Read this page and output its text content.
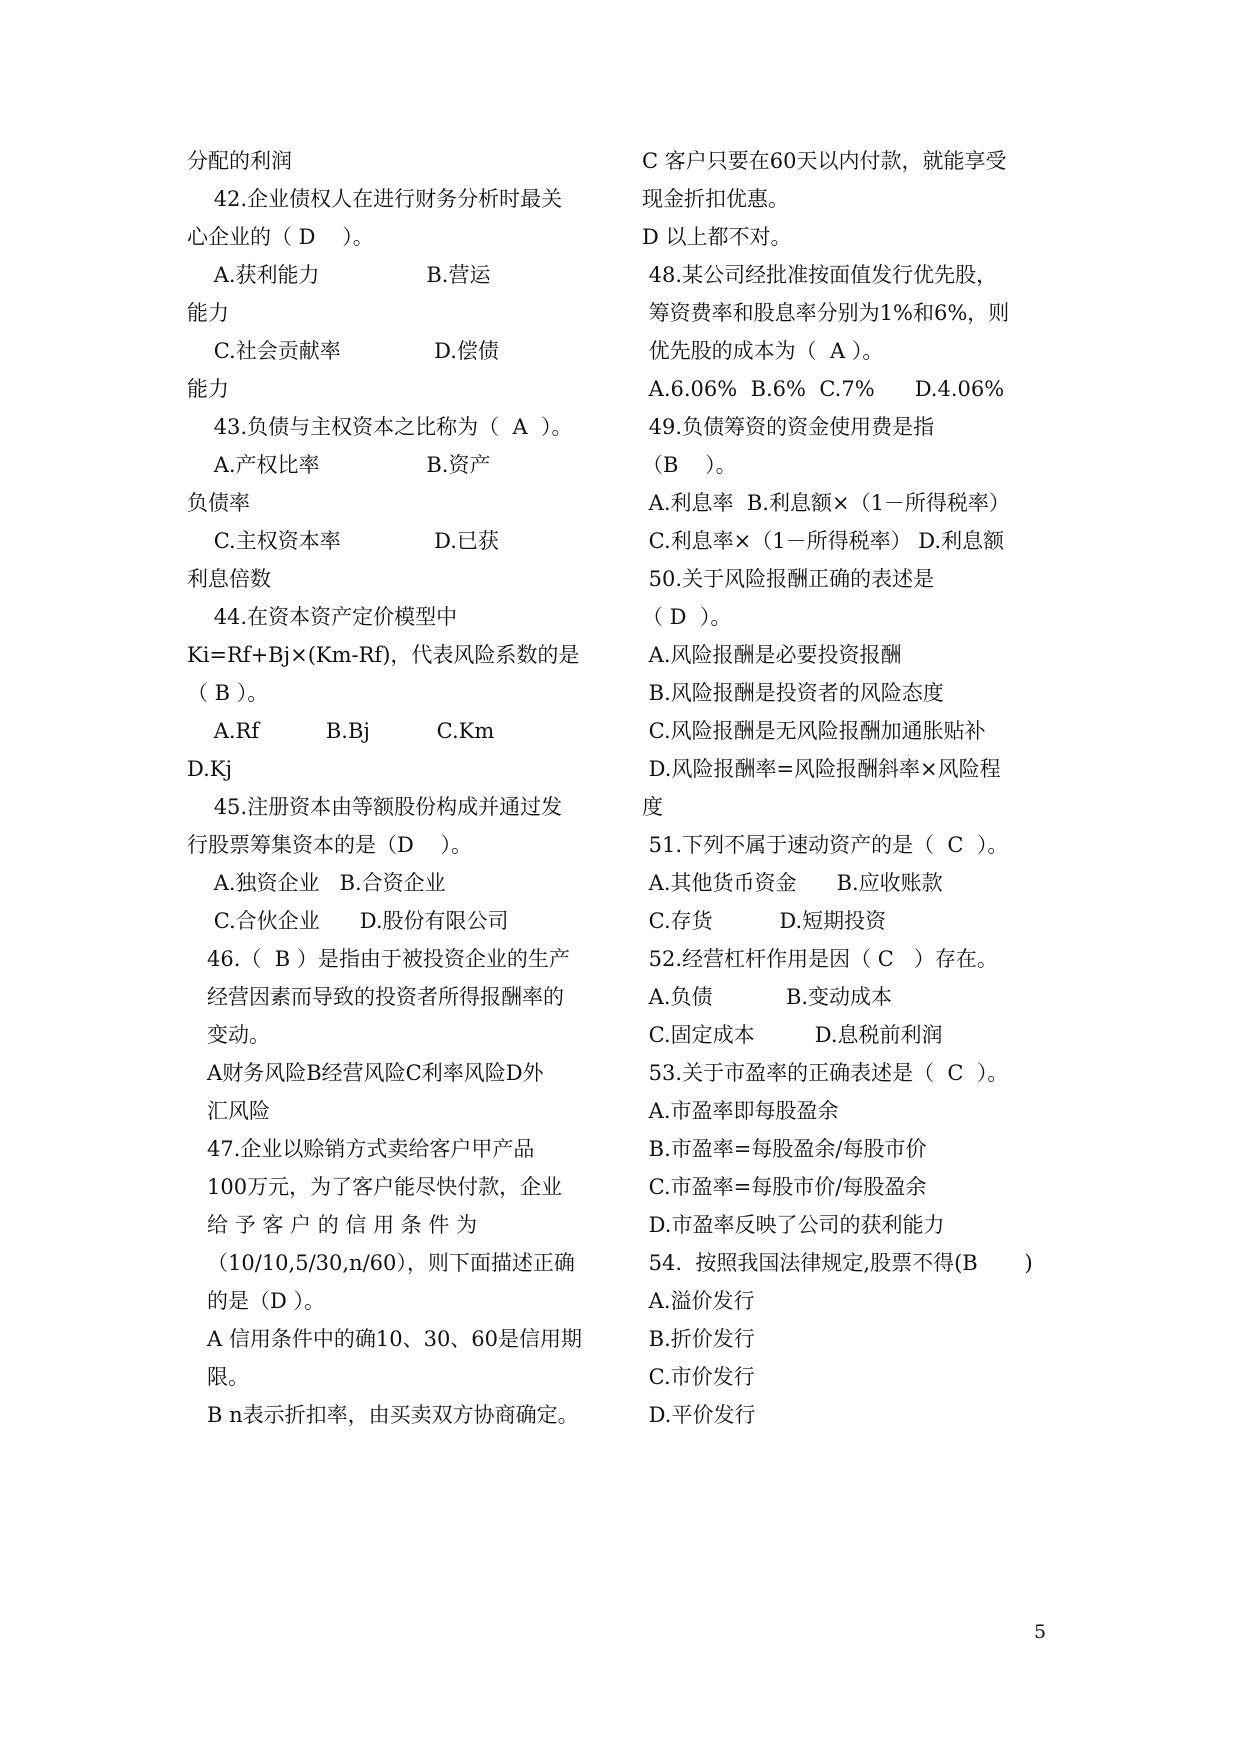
分配的利润
42.企业债权人在进行财务分析时最关
心企业的（ D    ）。
A.获利能力                B.营运
能力
C.社会贡献率              D.偿债
能力
43.负债与主权资本之比称为（  A  ）。
A.产权比率                B.资产
负债率
C.主权资本率              D.已获
利息倍数
44.在资本资产定价模型中
Ki=Rf+Bj×(Km-Rf)，代表风险系数的是
（ B ）。
A.Rf          B.Bj          C.Km
D.Kj
45.注册资本由等额股份构成并通过发
行股票筹集资本的是（D    ）。
A.独资企业   B.合资企业
C.合伙企业      D.股份有限公司
46.（  B ）是指由于被投资企业的生产
经营因素而导致的投资者所得报酬率的
变动。
A财务风险B经营风险C利率风险D外
汇风险
47.企业以赊销方式卖给客户甲产品
100万元，为了客户能尽快付款，企业
给 予 客 户 的 信 用 条 件 为
（10/10,5/30,n/60），则下面描述正确
的是（D ）。
A 信用条件中的确10、30、60是信用期
限。
B n表示折扣率，由买卖双方协商确定。
C 客户只要在60天以内付款，就能享受
现金折扣优惠。
D 以上都不对。
48.某公司经批准按面值发行优先股，
筹资费率和股息率分别为1%和6%，则
优先股的成本为（  A ）。
A.6.06%  B.6%  C.7%      D.4.06%
49.负债筹资的资金使用费是指
（B    ）。
A.利息率  B.利息额×（1－所得税率）
C.利息率×（1－所得税率） D.利息额
50.关于风险报酬正确的表述是
（ D  ）。
A.风险报酬是必要投资报酬
B.风险报酬是投资者的风险态度
C.风险报酬是无风险报酬加通胀贴补
D.风险报酬率=风险报酬斜率×风险程
度
51.下列不属于速动资产的是（  C  ）。
A.其他货币资金      B.应收账款
C.存货          D.短期投资
52.经营杠杆作用是因（ C   ）存在。
A.负债           B.变动成本
C.固定成本         D.息税前利润
53.关于市盈率的正确表述是（  C  ）。
A.市盈率即每股盈余
B.市盈率=每股盈余/每股市价
C.市盈率=每股市价/每股盈余
D.市盈率反映了公司的获利能力
54.  按照我国法律规定,股票不得(B       )
A.溢价发行
B.折价发行
C.市价发行
D.平价发行
5
